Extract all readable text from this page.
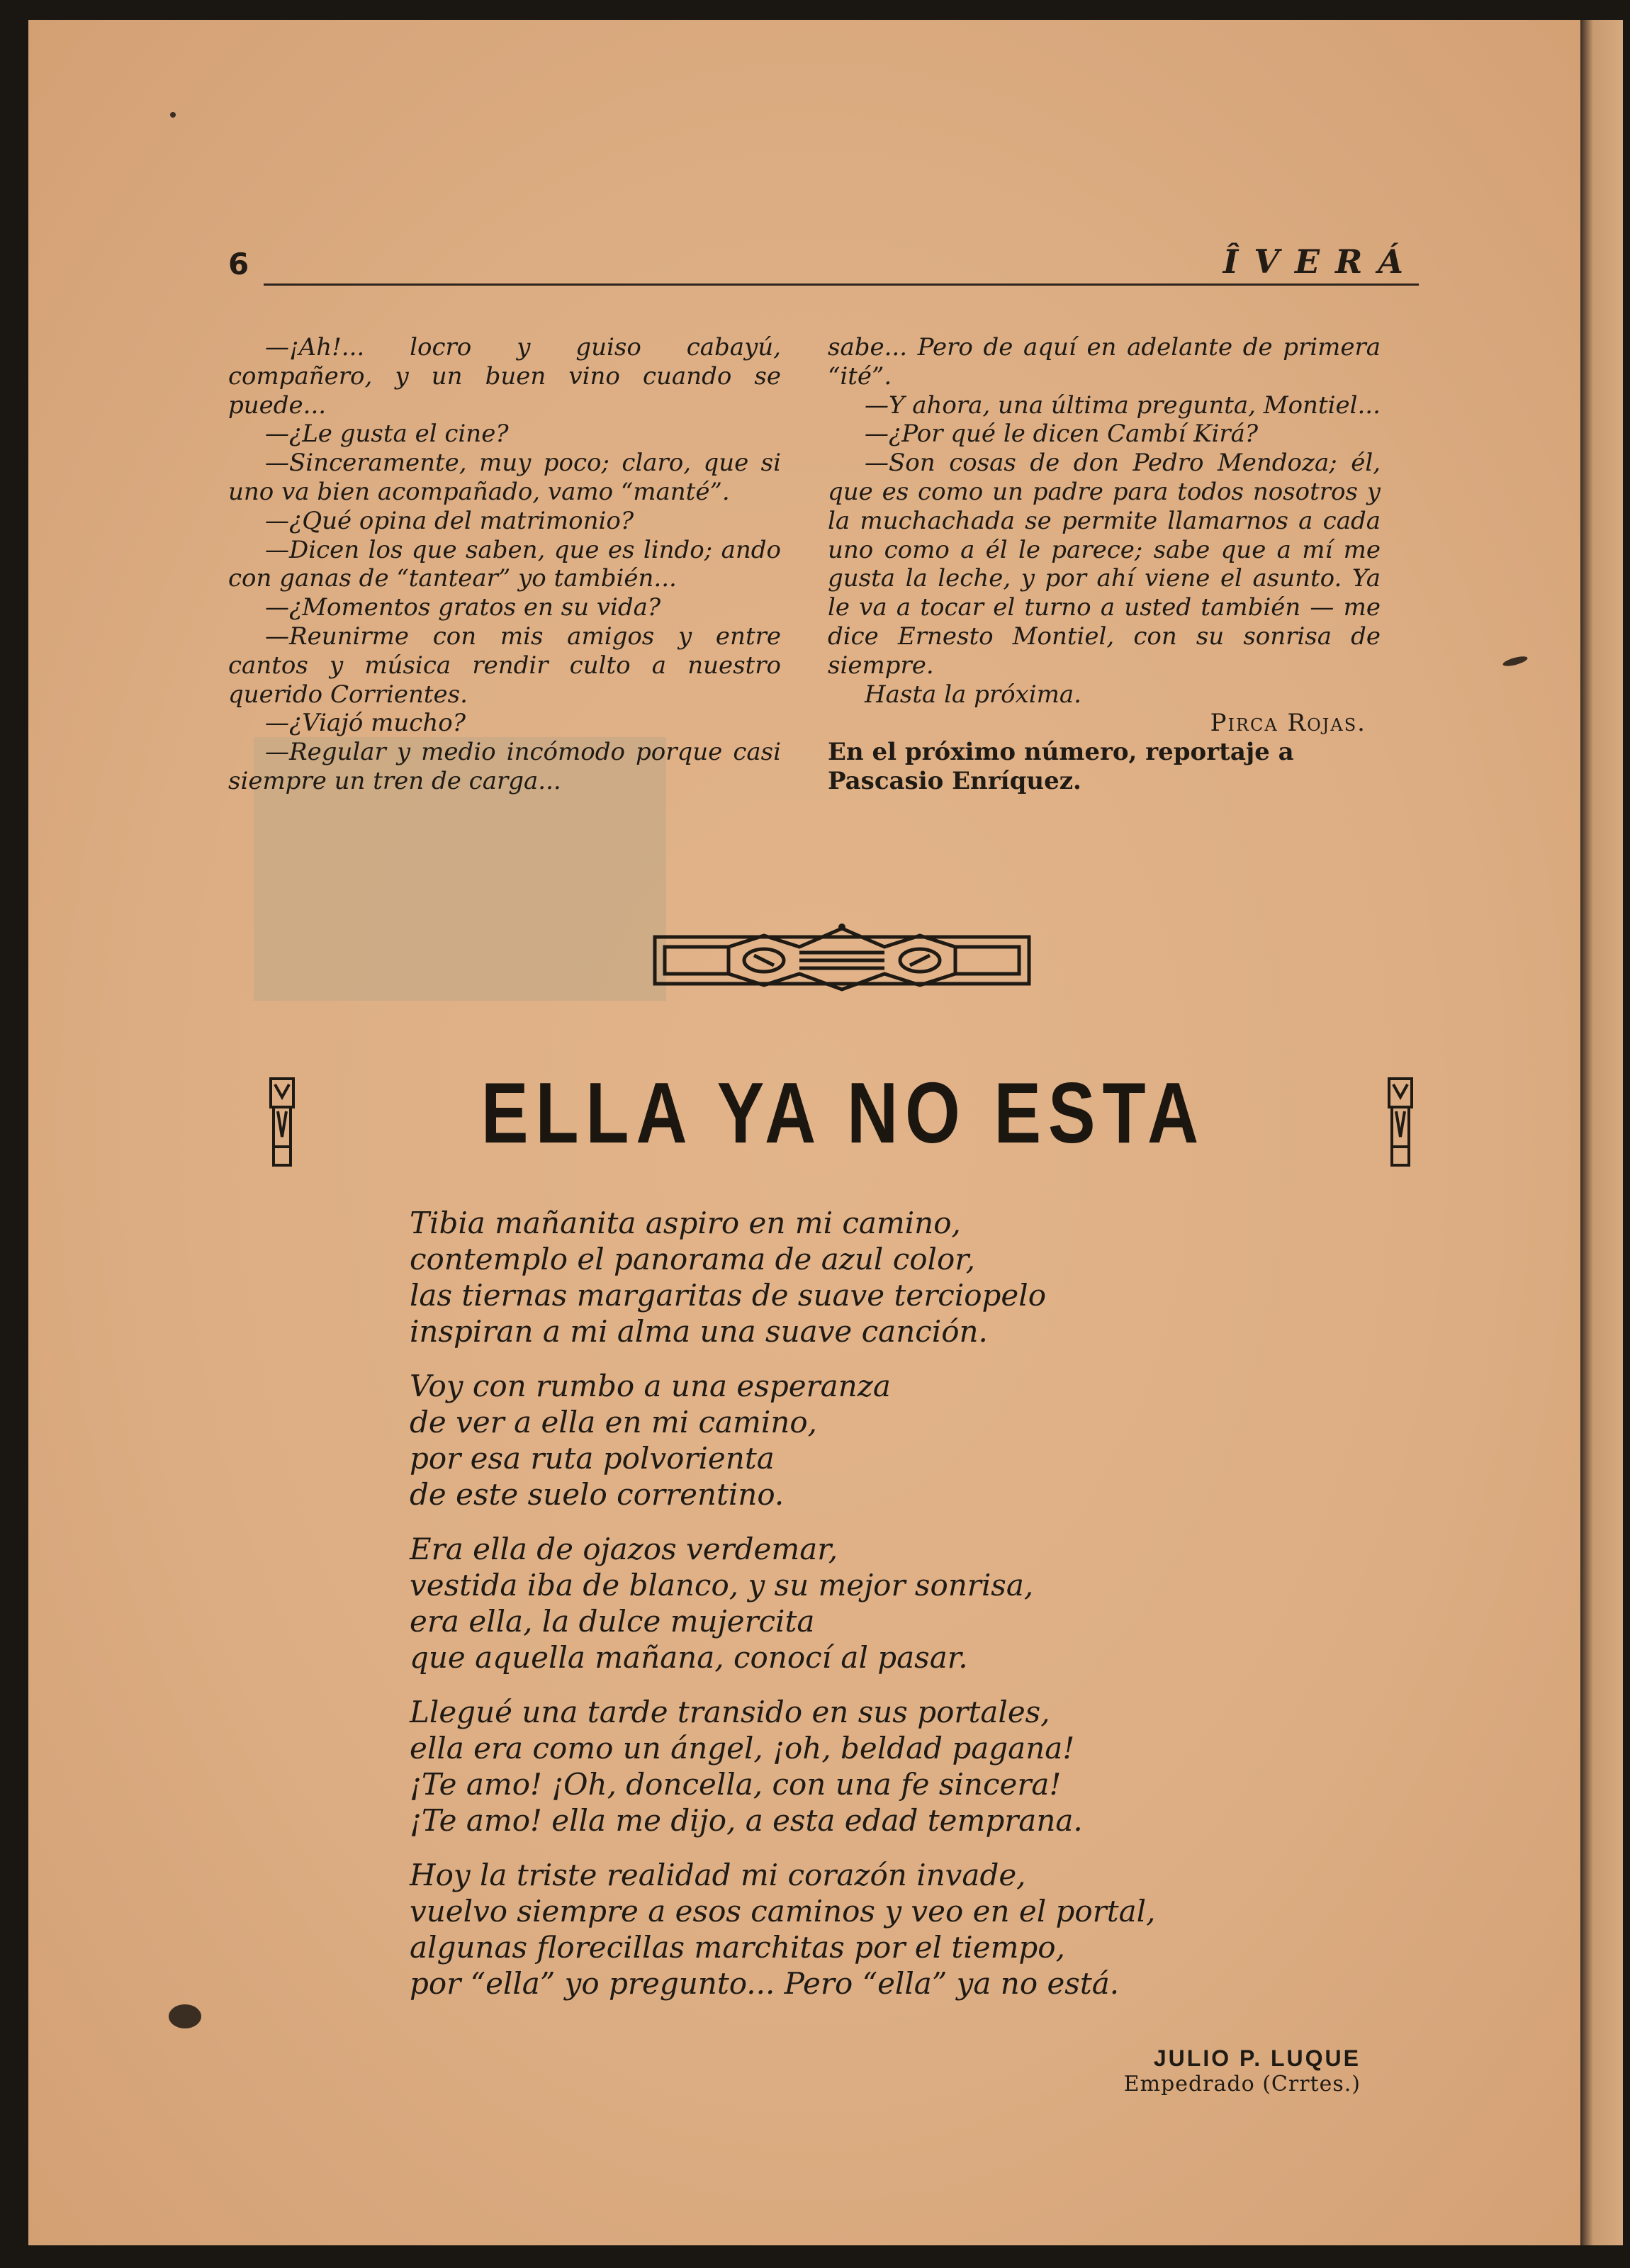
6	ÎVERÁ

—¡Ah!... locro y guiso cabayú, compañero, y un buen vino cuando se puede...

—¿Le gusta el cine?

—Sinceramente, muy poco; claro, que si uno va bien acompañado, vamo “manté”.

—¿Qué opina del matrimonio?

—Dicen los que saben, que es lindo; ando con ganas de “tantear” yo también...

—¿Momentos gratos en su vida?

—Reunirme con mis amigos y entre cantos y música rendir culto a nuestro querido Corrientes.

—¿Viajó mucho?

—Regular y medio incómodo porque casi siempre un tren de carga...

sabe... Pero de aquí en adelante de primera “ité”.

—Y ahora, una última pregunta, Montiel...

—¿Por qué le dicen Cambí Kirá?

—Son cosas de don Pedro Mendoza; él, que es como un padre para todos nosotros y la muchachada se permite llamarnos a cada uno como a él le parece; sabe que a mí me gusta la leche, y por ahí viene el asunto. Ya le va a tocar el turno a usted también — me dice Ernesto Montiel, con su sonrisa de siempre.

Hasta la próxima.

Pirca Rojas.

En el próximo número, reportaje a Pascasio Enríquez.

ELLA YA NO ESTA
Tibia mañanita aspiro en mi camino,
contemplo el panorama de azul color,
las tiernas margaritas de suave terciopelo
inspiran a mi alma una suave canción.
Voy con rumbo a una esperanza
de ver a ella en mi camino,
por esa ruta polvorienta
de este suelo correntino.
Era ella de ojazos verdemar,
vestida iba de blanco, y su mejor sonrisa,
era ella, la dulce mujercita
que aquella mañana, conocí al pasar.
Llegué una tarde transido en sus portales,
ella era como un ángel, ¡oh, beldad pagana!
¡Te amo! ¡Oh, doncella, con una fe sincera!
¡Te amo! ella me dijo, a esta edad temprana.
Hoy la triste realidad mi corazón invade,
vuelvo siempre a esos caminos y veo en el portal,
algunas florecillas marchitas por el tiempo,
por “ella” yo pregunto... Pero “ella” ya no está.
JULIO P. LUQUE
Empedrado (Crrtes.)
